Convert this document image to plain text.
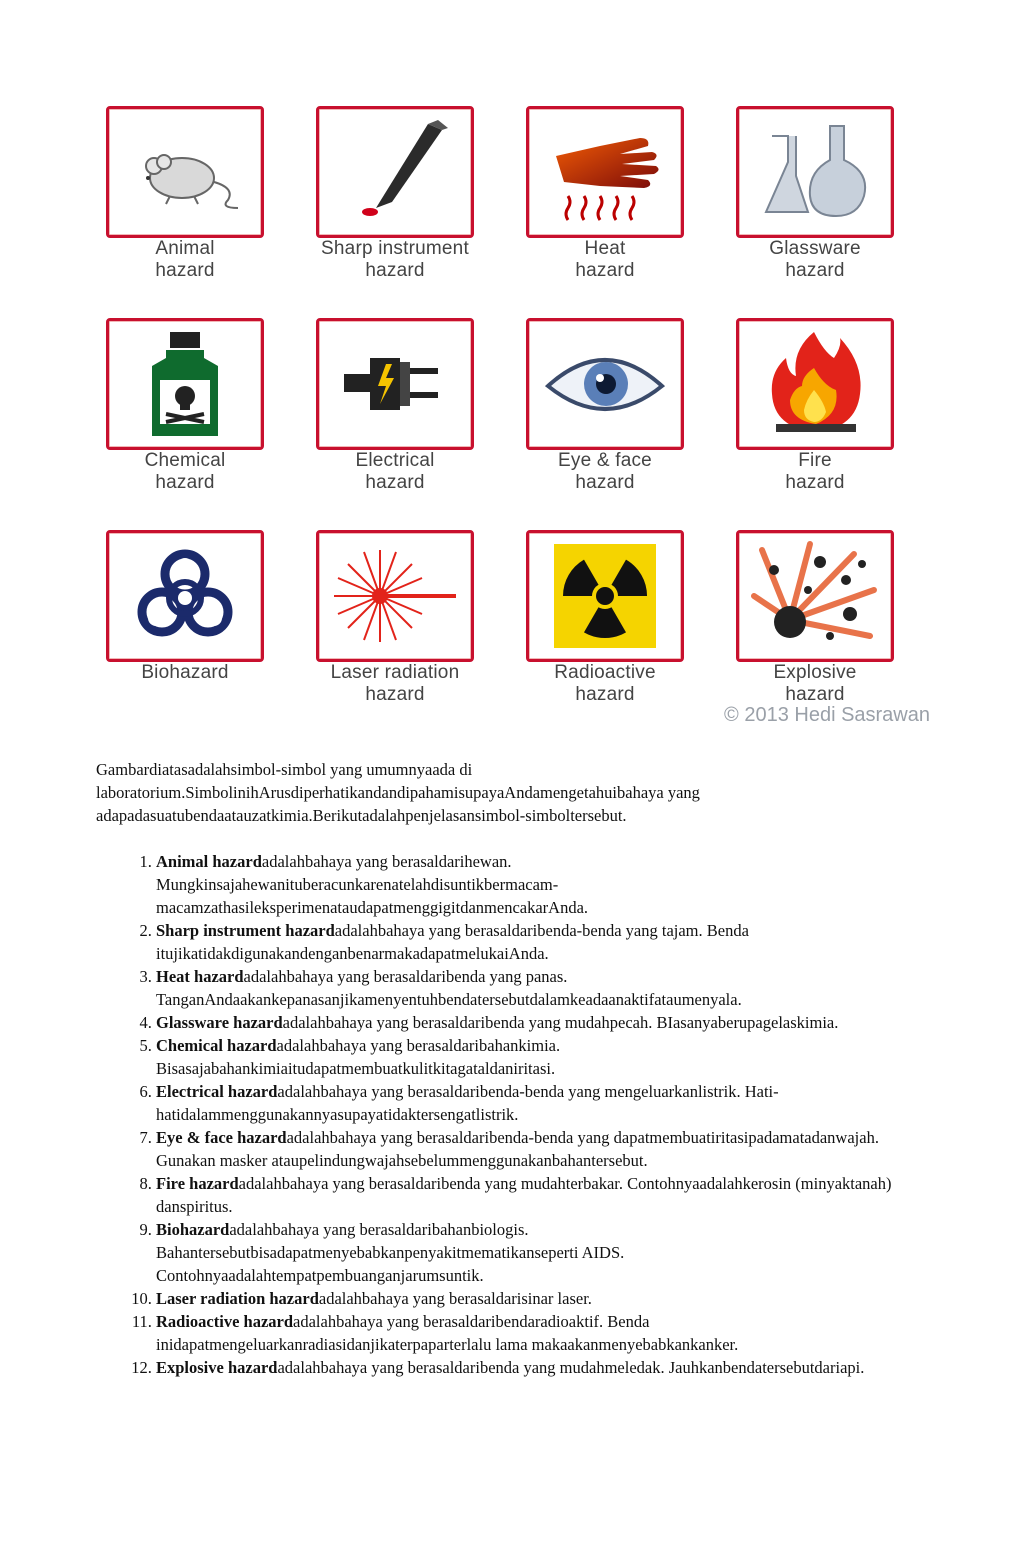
Animal
hazard
Sharp instrument
hazard
Heat
hazard
Glassware
hazard
Chemical
hazard
Electrical
hazard
Eye & face
hazard
Fire
hazard
Biohazard	Laser radiation
hazard
Radioactive
hazard
Explosive
hazard
© 2013 Hedi Sasrawan

Gambardiatasadalahsimbol-simbol yang umumnyaada di

laboratorium.SimbolinihArusdiperhatikandandipahamisupayaAndamengetahuibahaya yang

adapadasuatubendaatauzatkimia.Berikutadalahpenjelasansimbol-simboltersebut.

1. Animal hazardadalahbahaya yang berasaldarihewan. Mungkinsajahewanituberacunkarenatelahdisuntikbermacam-macamzathasileksperimenataudapatmenggigitdanmencakarAnda.
2. Sharp instrument hazardadalahbahaya yang berasaldaribenda-benda yang tajam. Benda itujikatidakdigunakandenganbenarmakadapatmelukaiAnda.
3. Heat hazardadalahbahaya yang berasaldaribenda yang panas. TanganAndaakankepanasanjikamenyentuhbendatersebutdalamkeadaanaktifataumenyala.
4. Glassware hazardadalahbahaya yang berasaldaribenda yang mudahpecah. BIasanyaberupagelaskimia.
5. Chemical hazardadalahbahaya yang berasaldaribahankimia. Bisasajabahankimiaitudapatmembuatkulitkitagataldaniritasi.
6. Electrical hazardadalahbahaya yang berasaldaribenda-benda yang mengeluarkanlistrik. Hati-hatidalammenggunakannyasupayatidaktersengatlistrik.
7. Eye & face hazardadalahbahaya yang berasaldaribenda-benda yang dapatmembuatiritasipadamatadanwajah. Gunakan masker ataupelindungwajahsebelummenggunakanbahantersebut.
8. Fire hazardadalahbahaya yang berasaldaribenda yang mudahterbakar. Contohnyaadalahkerosin (minyaktanah) danspiritus.
9. Biohazardadalahbahaya yang berasaldaribahanbiologis. Bahantersebutbisadapatmenyebabkanpenyakitmematikanseperti AIDS. Contohnyaadalahtempatpembuanganjarumsuntik.
10. Laser radiation hazardadalahbahaya yang berasaldarisinar laser.
11. Radioactive hazardadalahbahaya yang berasaldaribendaradioaktif. Benda inidapatmengeluarkanradiasidanjikaterpaparterlalu lama makaakanmenyebabkankanker.
12. Explosive hazardadalahbahaya yang berasaldaribenda yang mudahmeledak. Jauhkanbendatersebutdariapi.
